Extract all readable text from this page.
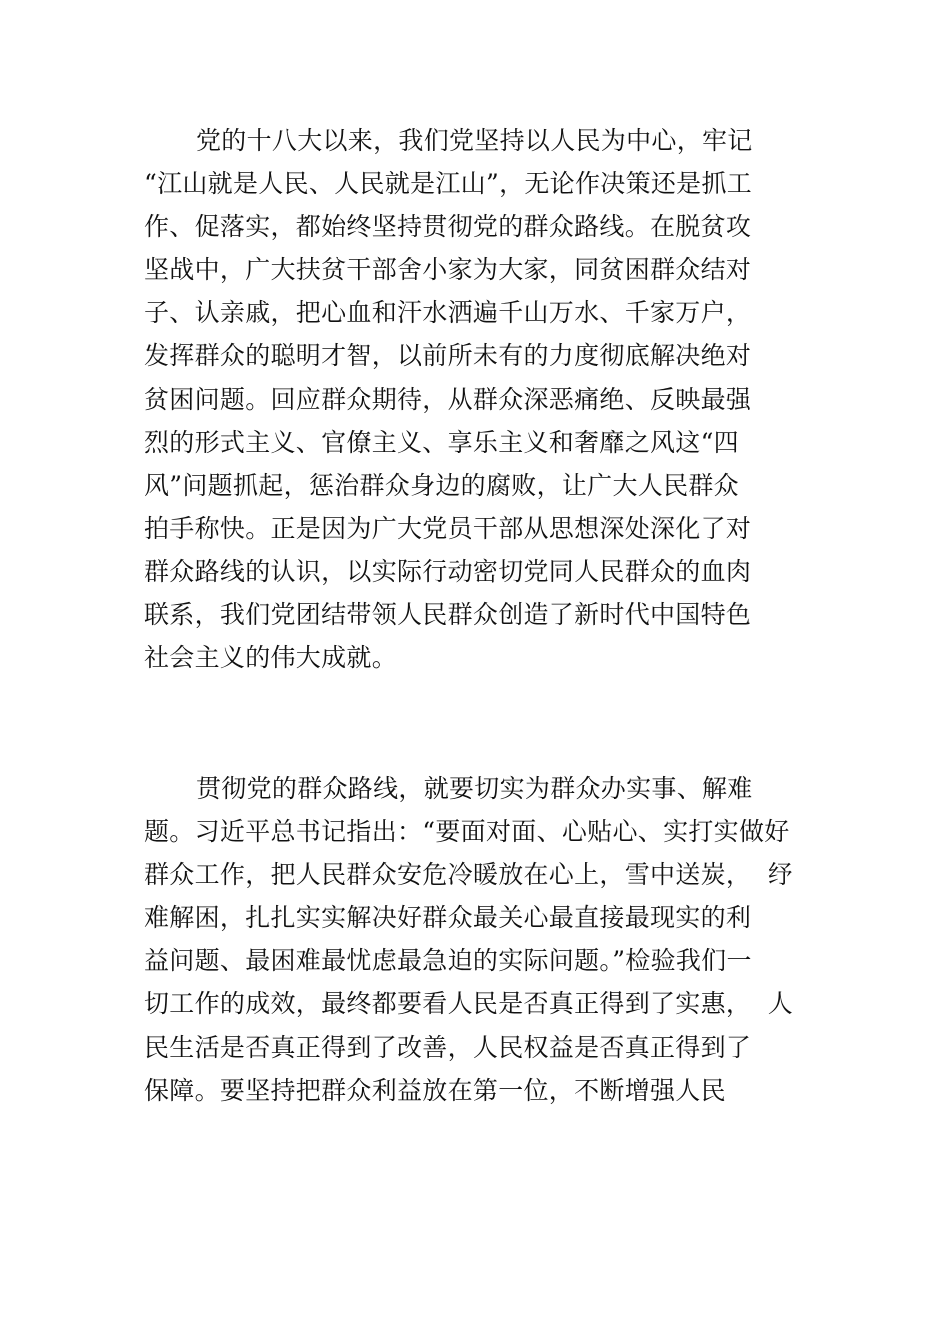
党的十八大以来，我们党坚持以人民为中心，牢记
“江山就是人民、人民就是江山”，无论作决策还是抓工
作、促落实，都始终坚持贯彻党的群众路线。在脱贫攻
坚战中，广大扶贫干部舍小家为大家，同贫困群众结对
子、认亲戚，把心血和汗水洒遍千山万水、千家万户，
发挥群众的聪明才智，以前所未有的力度彻底解决绝对
贫困问题。回应群众期待，从群众深恶痛绝、反映最强
烈的形式主义、官僚主义、享乐主义和奢靡之风这“四
风”问题抓起，惩治群众身边的腐败，让广大人民群众
拍手称快。正是因为广大党员干部从思想深处深化了对
群众路线的认识，以实际行动密切党同人民群众的血肉
联系，我们党团结带领人民群众创造了新时代中国特色
社会主义的伟大成就。
贯彻党的群众路线，就要切实为群众办实事、解难
题。习近平总书记指出：“要面对面、心贴心、实打实做好
群众工作，把人民群众安危冷暖放在心上，雪中送炭，  纾
难解困，扎扎实实解决好群众最关心最直接最现实的利
益问题、最困难最忧虑最急迫的实际问题。”检验我们一
切工作的成效，最终都要看人民是否真正得到了实惠，  人
民生活是否真正得到了改善，人民权益是否真正得到了
保障。要坚持把群众利益放在第一位，不断增强人民
